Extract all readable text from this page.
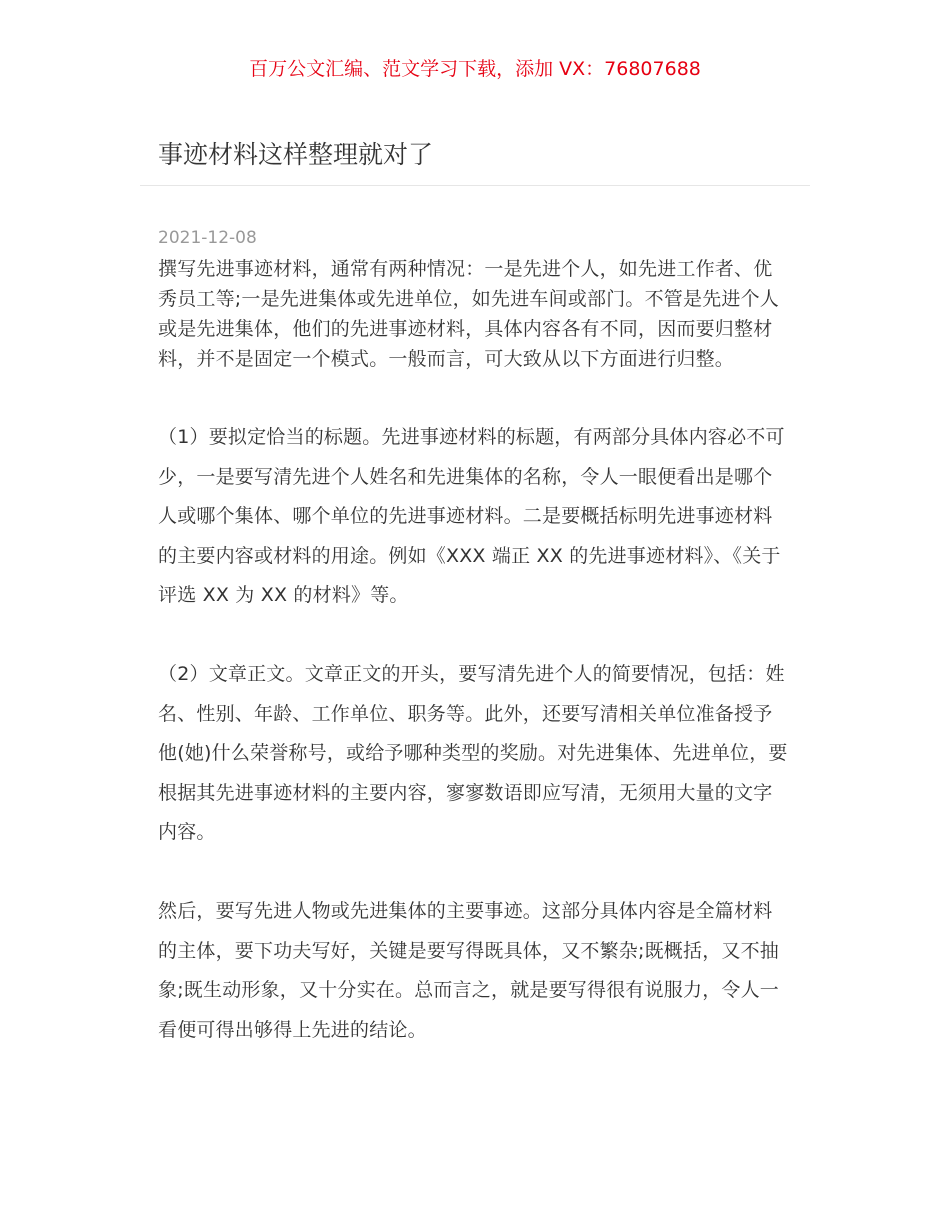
百万公文汇编、范文学习下载，添加 VX：76807688
事迹材料这样整理就对了
2021-12-08
撰写先进事迹材料，通常有两种情况：一是先进个人，如先进工作者、优
秀员工等;一是先进集体或先进单位，如先进车间或部门。不管是先进个人
或是先进集体，他们的先进事迹材料，具体内容各有不同，因而要归整材
料，并不是固定一个模式。一般而言，可大致从以下方面进行归整。
（1）要拟定恰当的标题。先进事迹材料的标题，有两部分具体内容必不可
少，一是要写清先进个人姓名和先进集体的名称，令人一眼便看出是哪个
人或哪个集体、哪个单位的先进事迹材料。二是要概括标明先进事迹材料
的主要内容或材料的用途。例如《XXX 端正 XX 的先进事迹材料》、《关于
评选 XX 为 XX 的材料》等。
（2）文章正文。文章正文的开头，要写清先进个人的简要情况，包括：姓
名、性别、年龄、工作单位、职务等。此外，还要写清相关单位准备授予
他(她)什么荣誉称号，或给予哪种类型的奖励。对先进集体、先进单位，要
根据其先进事迹材料的主要内容，寥寥数语即应写清，无须用大量的文字
内容。
然后，要写先进人物或先进集体的主要事迹。这部分具体内容是全篇材料
的主体，要下功夫写好，关键是要写得既具体，又不繁杂;既概括，又不抽
象;既生动形象，又十分实在。总而言之，就是要写得很有说服力，令人一
看便可得出够得上先进的结论。
